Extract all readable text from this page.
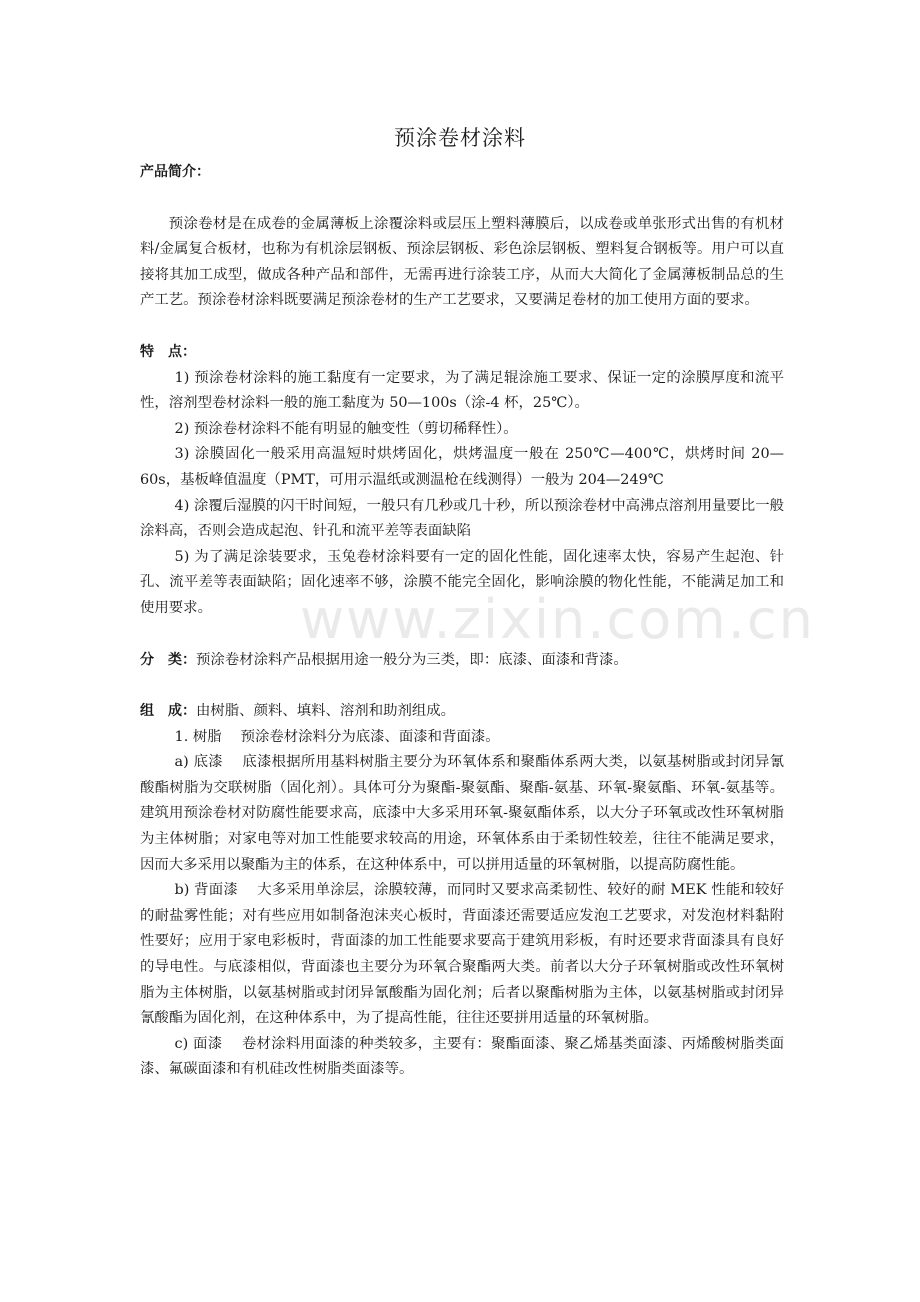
www.zixin.com.cn
预涂卷材涂料

产品简介：

预涂卷材是在成卷的金属薄板上涂覆涂料或层压上塑料薄膜后，以成卷或单张形式出售的有机材料/金属复合板材，也称为有机涂层钢板、预涂层钢板、彩色涂层钢板、塑料复合钢板等。用户可以直接将其加工成型，做成各种产品和部件，无需再进行涂装工序，从而大大简化了金属薄板制品总的生产工艺。预涂卷材涂料既要满足预涂卷材的生产工艺要求，又要满足卷材的加工使用方面的要求。

特　点：

1) 预涂卷材涂料的施工黏度有一定要求，为了满足辊涂施工要求、保证一定的涂膜厚度和流平性，溶剂型卷材涂料一般的施工黏度为 50—100s（涂-4 杯，25℃）。

2) 预涂卷材涂料不能有明显的触变性（剪切稀释性）。

3) 涂膜固化一般采用高温短时烘烤固化，烘烤温度一般在 250℃—400℃，烘烤时间 20—60s，基板峰值温度（PMT，可用示温纸或测温枪在线测得）一般为 204—249℃

4) 涂覆后湿膜的闪干时间短，一般只有几秒或几十秒，所以预涂卷材中高沸点溶剂用量要比一般涂料高，否则会造成起泡、针孔和流平差等表面缺陷

5) 为了满足涂装要求，玉兔卷材涂料要有一定的固化性能，固化速率太快，容易产生起泡、针孔、流平差等表面缺陷；固化速率不够，涂膜不能完全固化，影响涂膜的物化性能，不能满足加工和使用要求。

分　类：预涂卷材涂料产品根据用途一般分为三类，即：底漆、面漆和背漆。

组　成：由树脂、颜料、填料、溶剂和助剂组成。

1. 树脂　 预涂卷材涂料分为底漆、面漆和背面漆。

a) 底漆　 底漆根据所用基料树脂主要分为环氧体系和聚酯体系两大类，以氨基树脂或封闭异氰酸酯树脂为交联树脂（固化剂）。具体可分为聚酯-聚氨酯、聚酯-氨基、环氧-聚氨酯、环氧-氨基等。建筑用预涂卷材对防腐性能要求高，底漆中大多采用环氧-聚氨酯体系，以大分子环氧或改性环氧树脂为主体树脂；对家电等对加工性能要求较高的用途，环氧体系由于柔韧性较差，往往不能满足要求，因而大多采用以聚酯为主的体系，在这种体系中，可以拼用适量的环氧树脂，以提高防腐性能。

b) 背面漆　 大多采用单涂层，涂膜较薄，而同时又要求高柔韧性、较好的耐 MEK 性能和较好的耐盐雾性能；对有些应用如制备泡沫夹心板时，背面漆还需要适应发泡工艺要求，对发泡材料黏附性要好；应用于家电彩板时，背面漆的加工性能要求要高于建筑用彩板，有时还要求背面漆具有良好的导电性。与底漆相似，背面漆也主要分为环氧合聚酯两大类。前者以大分子环氧树脂或改性环氧树脂为主体树脂，以氨基树脂或封闭异氰酸酯为固化剂；后者以聚酯树脂为主体，以氨基树脂或封闭异氰酸酯为固化剂，在这种体系中，为了提高性能，往往还要拼用适量的环氧树脂。

c) 面漆　 卷材涂料用面漆的种类较多，主要有：聚酯面漆、聚乙烯基类面漆、丙烯酸树脂类面漆、氟碳面漆和有机硅改性树脂类面漆等。
